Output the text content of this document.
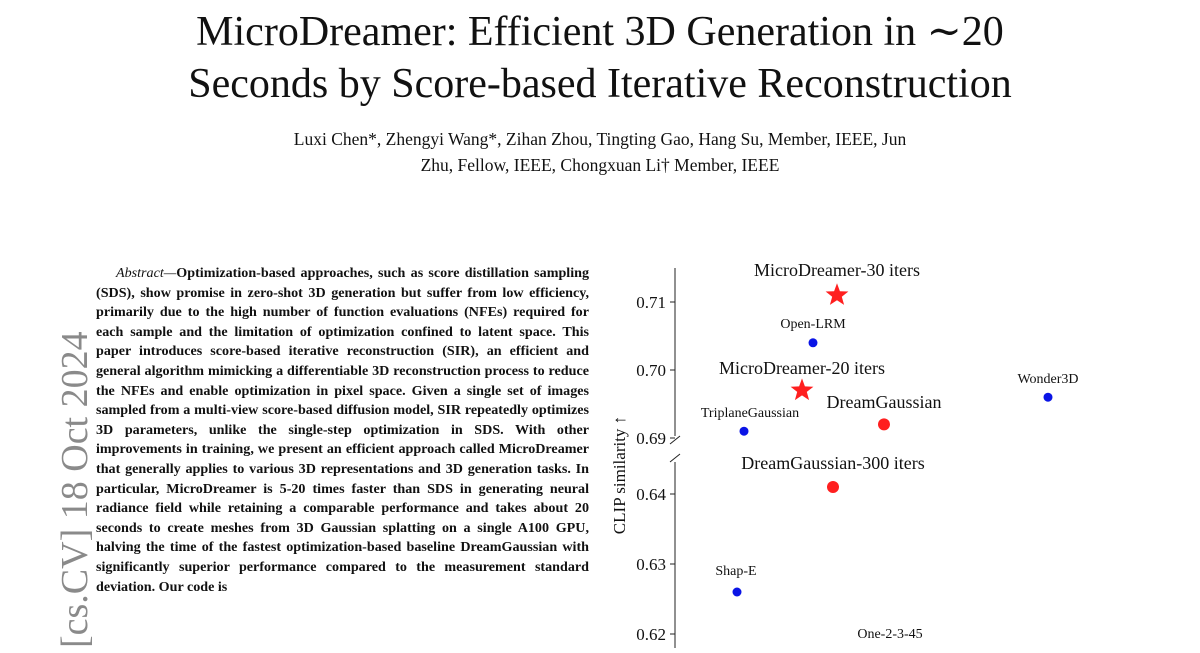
MicroDreamer: Efficient 3D Generation in ∼20
Seconds by Score-based Iterative Reconstruction
Luxi Chen*, Zhengyi Wang*, Zihan Zhou, Tingting Gao, Hang Su, Member, IEEE, Jun
Zhu, Fellow, IEEE, Chongxuan Li† Member, IEEE
[cs.CV] 18 Oct 2024
Abstract—Optimization-based approaches, such as score distillation sampling (SDS), show promise in zero-shot 3D generation but suffer from low efficiency, primarily due to the high number of function evaluations (NFEs) required for each sample and the limitation of optimization confined to latent space. This paper introduces score-based iterative reconstruction (SIR), an efficient and general algorithm mimicking a differentiable 3D reconstruction process to reduce the NFEs and enable optimization in pixel space. Given a single set of images sampled from a multi-view score-based diffusion model, SIR repeatedly optimizes 3D parameters, unlike the single-step optimization in SDS. With other improvements in training, we present an efficient approach called MicroDreamer that generally applies to various 3D representations and 3D generation tasks. In particular, MicroDreamer is 5-20 times faster than SDS in generating neural radiance field while retaining a comparable performance and takes about 20 seconds to create meshes from 3D Gaussian splatting on a single A100 GPU, halving the time of the fastest optimization-based baseline DreamGaussian with significantly superior performance compared to the measurement standard deviation. Our code is
0.71
0.70
0.69
0.64
0.63
0.62
CLIP similarity ↑
MicroDreamer-30 iters
Open-LRM
MicroDreamer-20 iters
Wonder3D
DreamGaussian
TriplaneGaussian
DreamGaussian-300 iters
Shap-E
One-2-3-45
